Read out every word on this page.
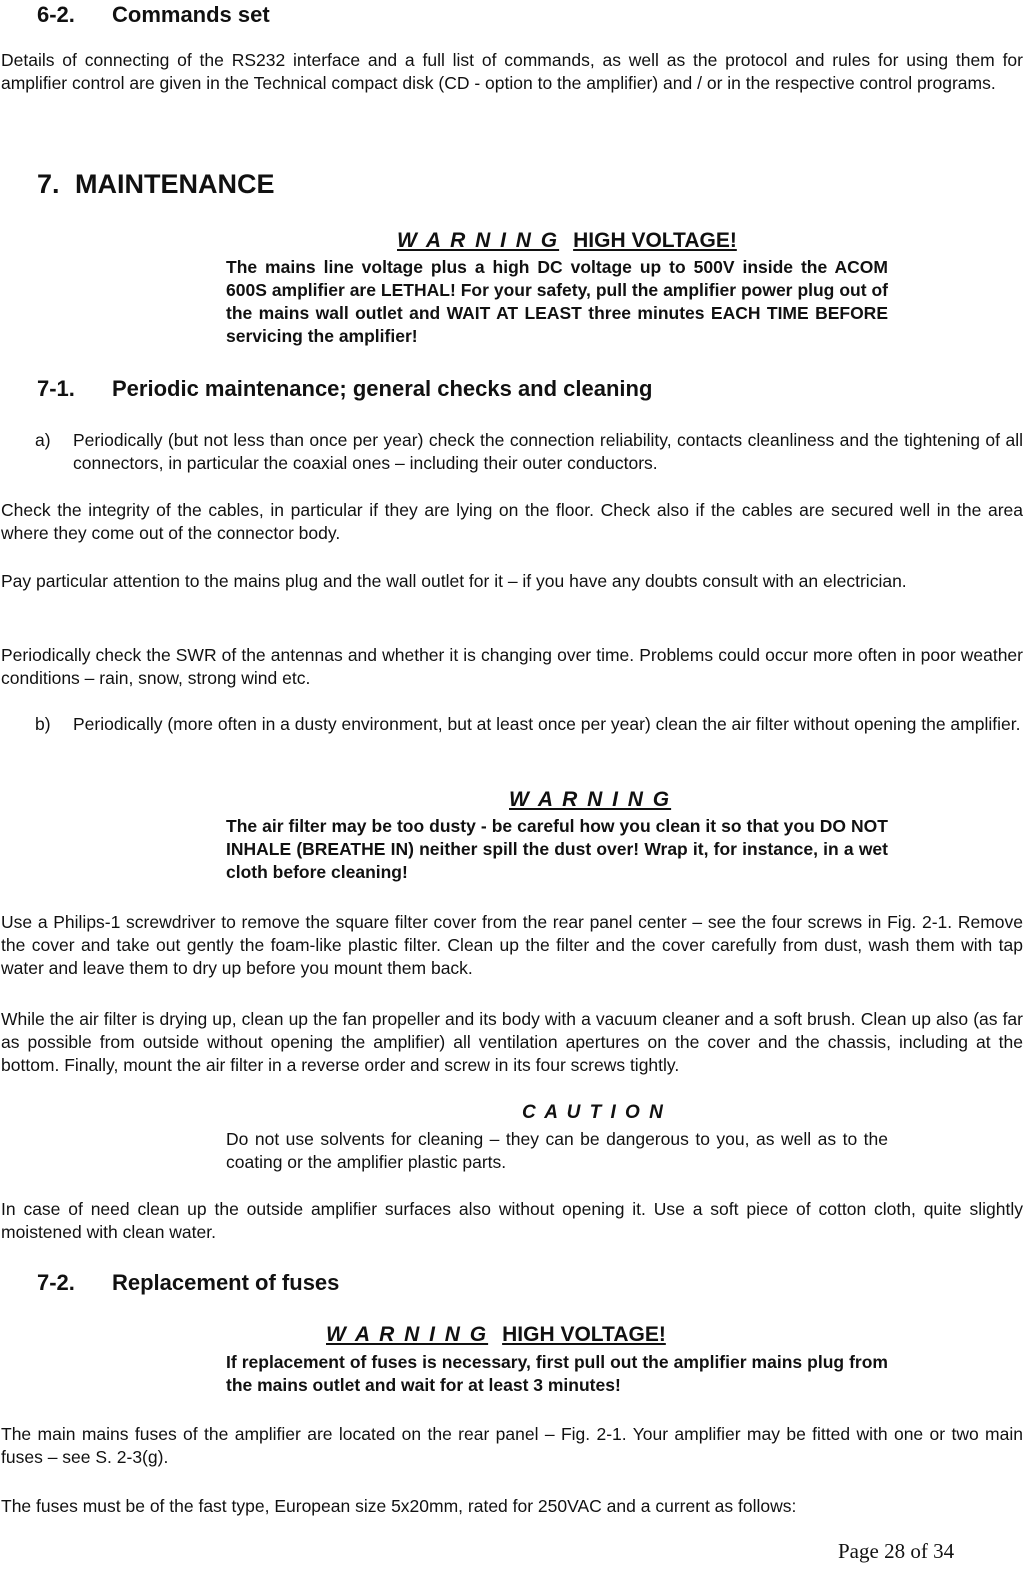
6-2. Commands set
Details of connecting of the RS232 interface and a full list of commands, as well as the protocol and rules for using them for amplifier control are given in the Technical compact disk (CD - option to the amplifier) and / or in the respective control programs.
7. MAINTENANCE
W A R N I N G HIGH VOLTAGE!
The mains line voltage plus a high DC voltage up to 500V inside the ACOM 600S amplifier are LETHAL! For your safety, pull the amplifier power plug out of the mains wall outlet and WAIT AT LEAST three minutes EACH TIME BEFORE servicing the amplifier!
7-1. Periodic maintenance; general checks and cleaning
a) Periodically (but not less than once per year) check the connection reliability, contacts cleanliness and the tightening of all connectors, in particular the coaxial ones – including their outer conductors.
Check the integrity of the cables, in particular if they are lying on the floor. Check also if the cables are secured well in the area where they come out of the connector body.
Pay particular attention to the mains plug and the wall outlet for it – if you have any doubts consult with an electrician.
Periodically check the SWR of the antennas and whether it is changing over time. Problems could occur more often in poor weather conditions – rain, snow, strong wind etc.
b) Periodically (more often in a dusty environment, but at least once per year) clean the air filter without opening the amplifier.
W A R N I N G
The air filter may be too dusty - be careful how you clean it so that you DO NOT INHALE (BREATHE IN) neither spill the dust over! Wrap it, for instance, in a wet cloth before cleaning!
Use a Philips-1 screwdriver to remove the square filter cover from the rear panel center – see the four screws in Fig. 2-1. Remove the cover and take out gently the foam-like plastic filter. Clean up the filter and the cover carefully from dust, wash them with tap water and leave them to dry up before you mount them back.
While the air filter is drying up, clean up the fan propeller and its body with a vacuum cleaner and a soft brush. Clean up also (as far as possible from outside without opening the amplifier) all ventilation apertures on the cover and the chassis, including at the bottom. Finally, mount the air filter in a reverse order and screw in its four screws tightly.
C A U T I O N
Do not use solvents for cleaning – they can be dangerous to you, as well as to the coating or the amplifier plastic parts.
In case of need clean up the outside amplifier surfaces also without opening it. Use a soft piece of cotton cloth, quite slightly moistened with clean water.
7-2. Replacement of fuses
W A R N I N G HIGH VOLTAGE!
If replacement of fuses is necessary, first pull out the amplifier mains plug from the mains outlet and wait for at least 3 minutes!
The main mains fuses of the amplifier are located on the rear panel – Fig. 2-1. Your amplifier may be fitted with one or two main fuses – see S. 2-3(g).
The fuses must be of the fast type, European size 5x20mm, rated for 250VAC and a current as follows:
Page 28 of 34
